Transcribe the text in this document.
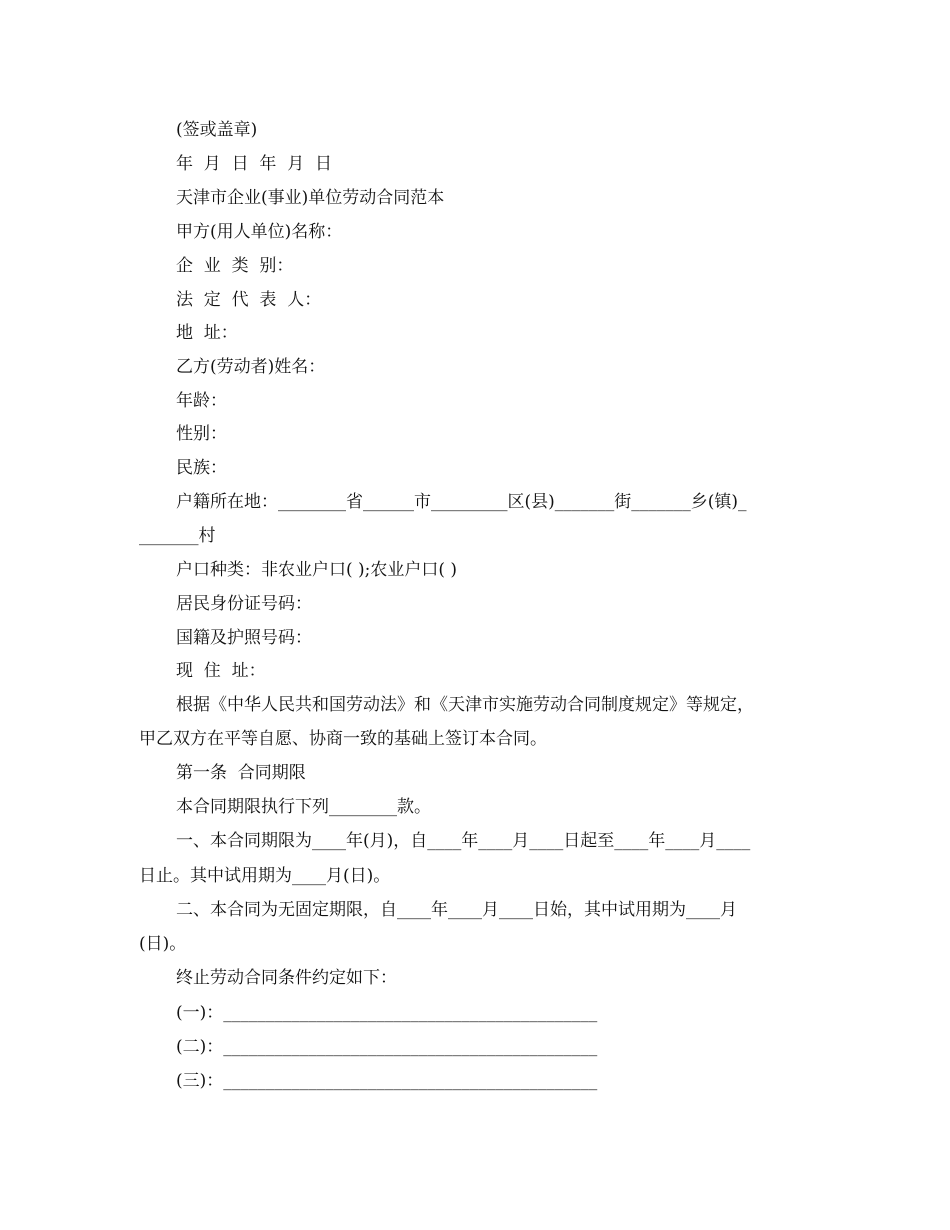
(签或盖章)
年  月  日  年  月  日
天津市企业(事业)单位劳动合同范本
甲方(用人单位)名称：
企  业  类  别：
法  定  代  表  人：
地  址：
乙方(劳动者)姓名：
年龄：
性别：
民族：
户籍所在地：________省______市_________区(县)_______街_______乡(镇)_
_______村
户口种类：非农业户口( );农业户口( )
居民身份证号码：
国籍及护照号码：
现  住  址：
根据《中华人民共和国劳动法》和《天津市实施劳动合同制度规定》等规定，
甲乙双方在平等自愿、协商一致的基础上签订本合同。
第一条  合同期限
本合同期限执行下列________款。
一、本合同期限为____年(月)，自____年____月____日起至____年____月____
日止。其中试用期为____月(日)。
二、本合同为无固定期限，自____年____月____日始，其中试用期为____月
(日)。
终止劳动合同条件约定如下：
(一)：____________________________________________
(二)：____________________________________________
(三)：____________________________________________
